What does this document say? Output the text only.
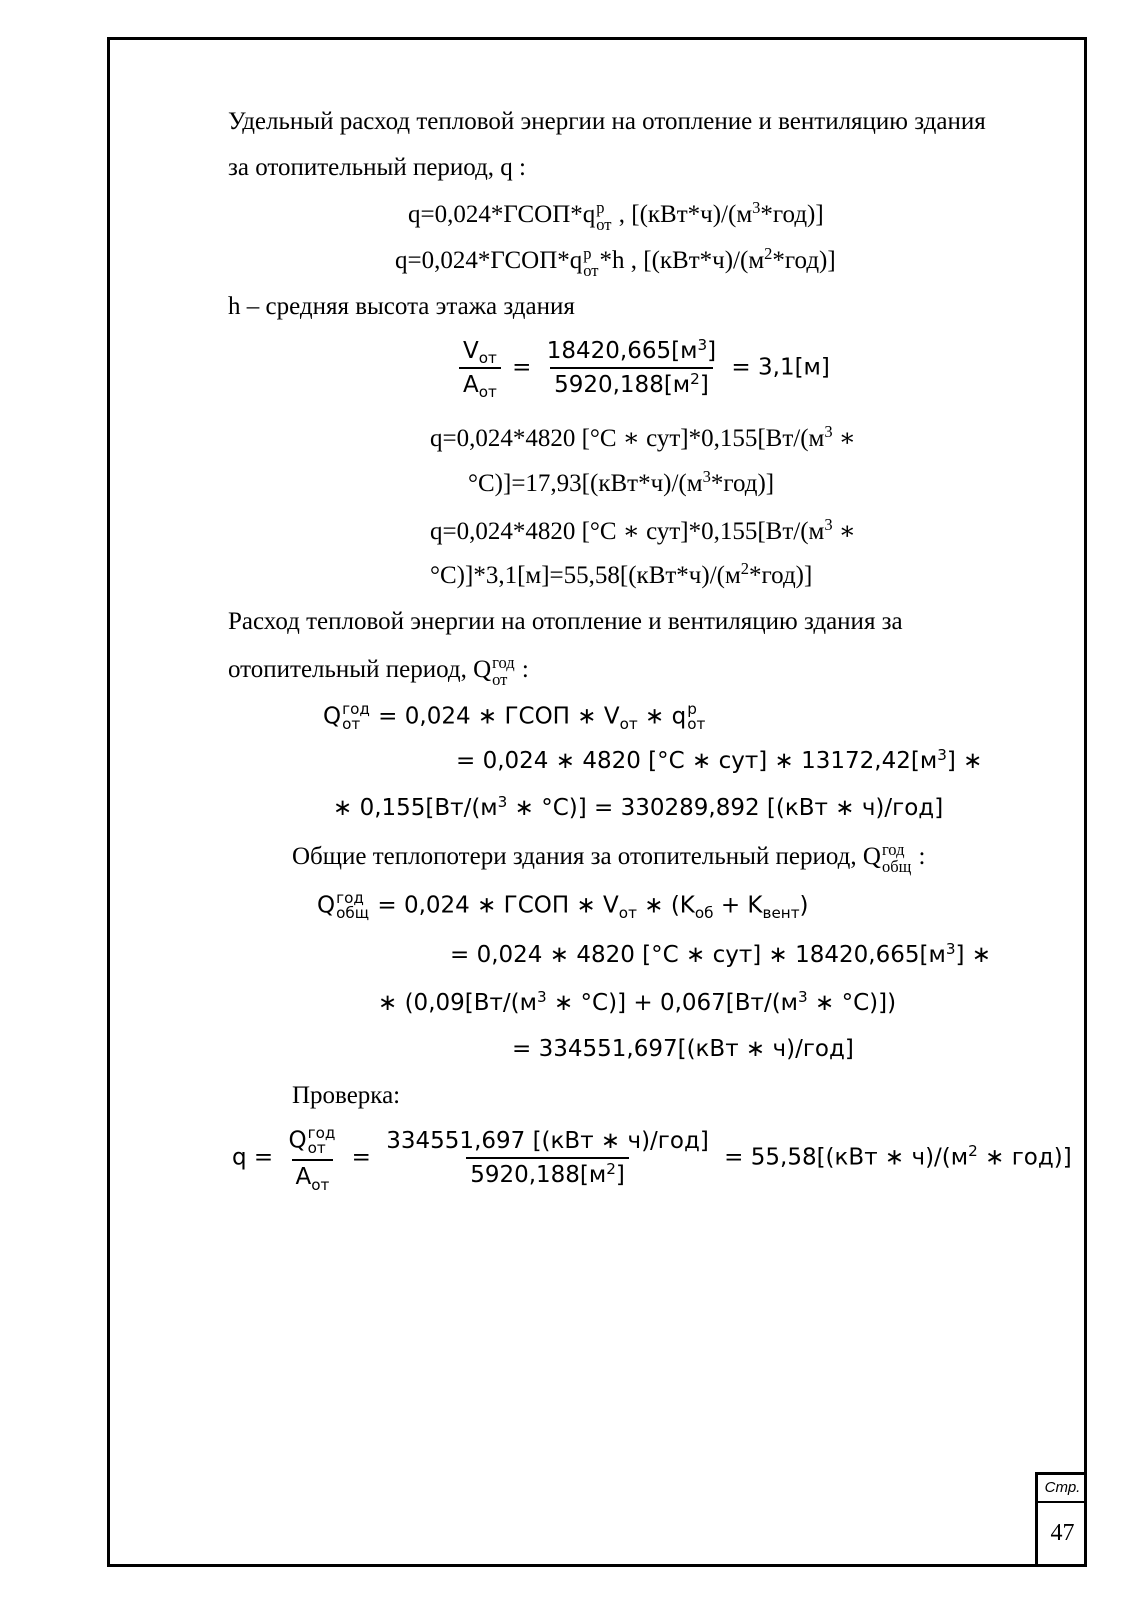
Удельный расход тепловой энергии на отопление и вентиляцию здания
за отопительный период, q :
q=0,024*ГСОП*q р
от , $[(кВт*ч)/(м^3*год)]$
q=0,024*ГСОП*q р
от *h , $[(кВт*ч)/(м^2*год)]$
h – средняя высота этажа здания
$\frac{V_{от}}{A_{от}} = \frac{18420,665[м^3]}{5920,188[м^2]} = 3,1[м]$
q=0,024*4820 [°С ∗ $сут]*0,155[Вт/(м^3$ ∗
$^\circ С)]=17,93[(кВт*ч)/(м^3*год)]$
q=0,024*4820 [°С ∗ $сут]*0,155[Вт/(м^3$ ∗
$^\circ С)]*3,1[м]=55,58[(кВт*ч)/(м^2*год)]$
Расход тепловой энергии на отопление и вентиляцию здания за
отопительный период, Q год
от :
Q год
от = 0,024 ∗ ГСОП ∗ $V_{от}$ ∗ q р
от
= 0,024 ∗ 4820 [°С ∗ сут] ∗ $13172,42[м^3]$ ∗
∗ $0,155[Вт/(м^3$ ∗ °С)] = 330289,892 [(кВт ∗ ч)/год]
Общие теплопотери здания за отопительный период, Q год
общ :
Q год
общ = 0,024 ∗ ГСОП ∗ $V_{от}$ ∗ $(K_{об} + K_{вент})$
= 0,024 ∗ 4820 [°С ∗ сут] ∗ $18420,665[м^3]$ ∗
∗ ($0,09[Вт/(м^3$ ∗ $^\circ С)] + 0,067[Вт/(м^3$ ∗ °С)])
= 334551,697[(кВт ∗ ч)/год]
Проверка:
q = Q год
от
$A_{от} = \frac{\text{334551,697 [(кВт ∗ ч)/год]}}{5920,188[м^2]} = 55,58[(кВт$ ∗ $ч)/(м^2$ ∗ год)]
Стр.
47
